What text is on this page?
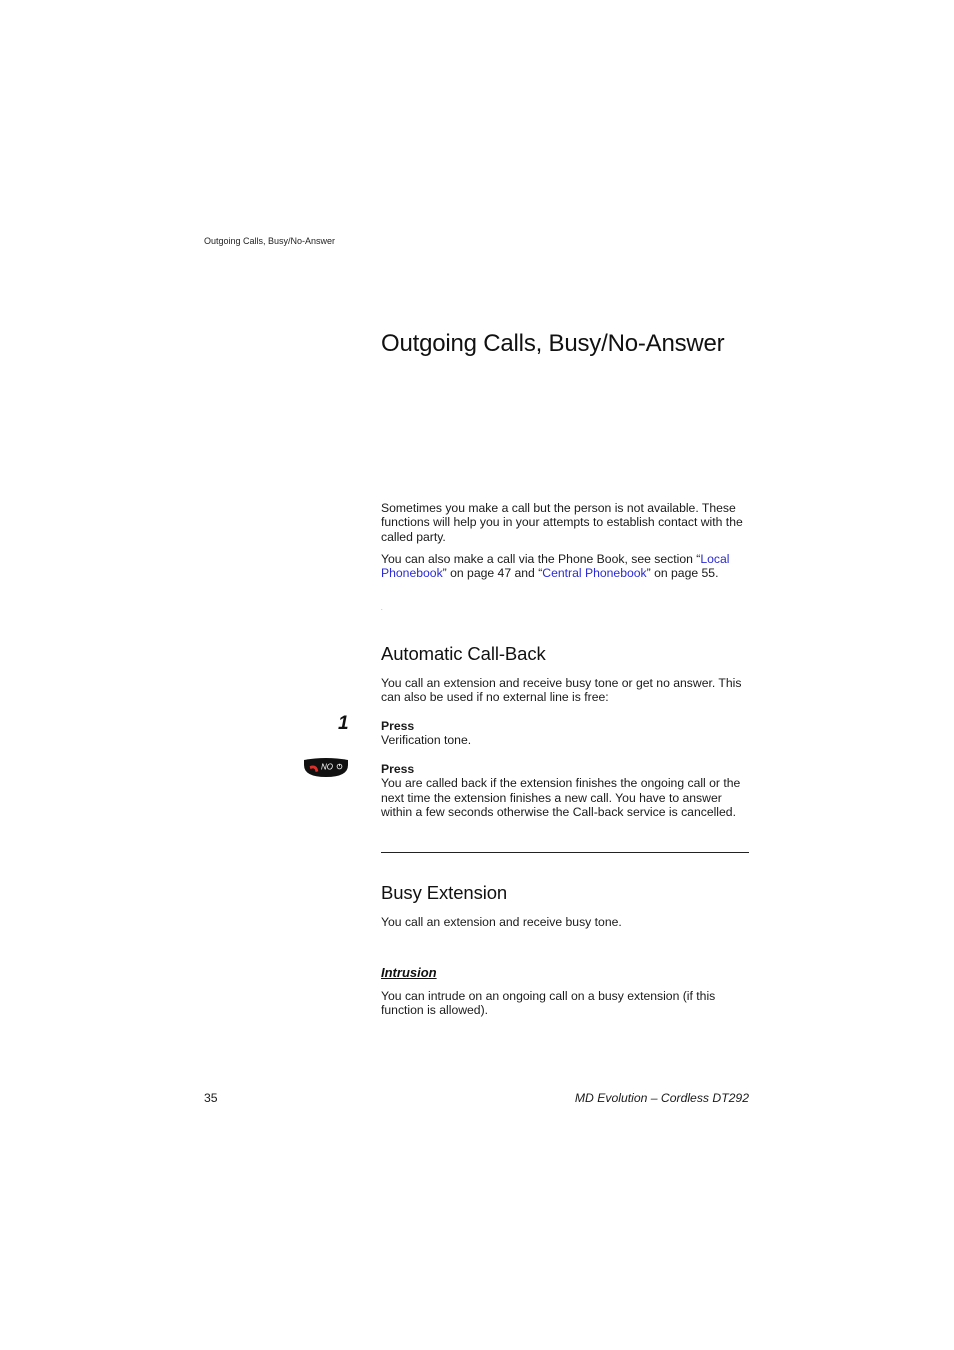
Outgoing Calls, Busy/No-Answer
Outgoing Calls, Busy/No-Answer
Sometimes you make a call but the person is not available. These functions will help you in your attempts to establish contact with the called party.
You can also make a call via the Phone Book, see section “Local Phonebook” on page 47 and “Central Phonebook” on page 55.
.
Automatic Call-Back
You call an extension and receive busy tone or get no answer. This can also be used if no external line is free:
1	Press
Verification tone.
NO	Press
You are called back if the extension finishes the ongoing call or the next time the extension finishes a new call. You have to answer within a few seconds otherwise the Call-back service is cancelled.
Busy Extension
You call an extension and receive busy tone.
Intrusion
You can intrude on an ongoing call on a busy extension (if this function is allowed).
35	MD Evolution – Cordless DT292
